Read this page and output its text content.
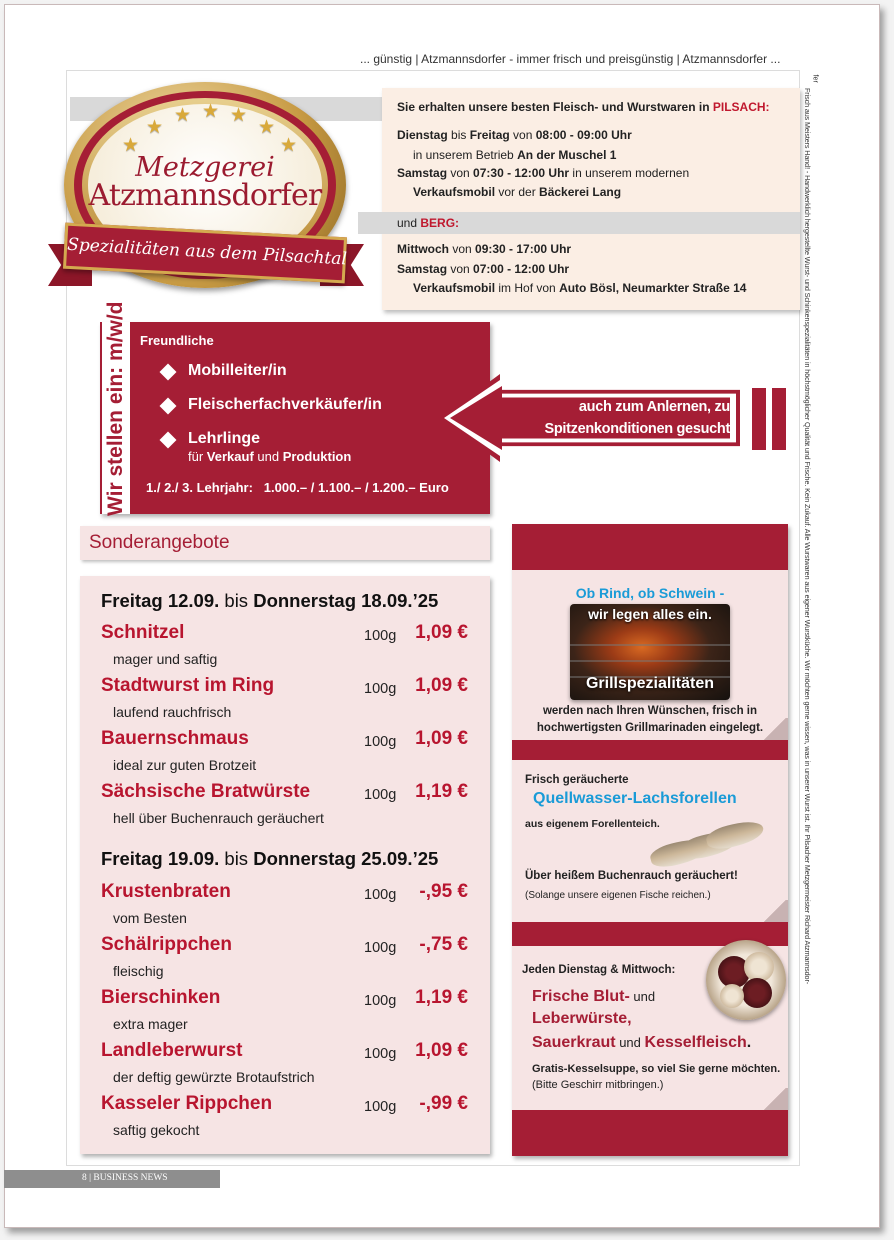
... günstig | Atzmannsdorfer - immer frisch und preisgünstig | Atzmannsdorfer ...
Frisch aus Meisters Hand! - Handwerklich hergestellte Wurst- und Schinkenspezialitäten in höchstmöglicher Qualität und Frische. Kein Zukauf. Alle Wurstwaren aus eigener Wurstküche. Wir möchten gerne wissen, was in unserer Wurst ist. Ihr Pilsacher Metzgermeister Richard Atzmannsdor-
fer
Sie erhalten unsere besten Fleisch- und Wurstwaren in PILSACH:
Dienstag bis Freitag von 08:00 - 09:00 Uhr
in unserem Betrieb An der Muschel 1
Samstag von 07:30 - 12:00 Uhr in unserem modernen
Verkaufsmobil vor der Bäckerei Lang
Mittwoch von 09:30 - 17:00 Uhr
Samstag von 07:00 - 12:00 Uhr
Verkaufsmobil im Hof von Auto Bösl, Neumarkter Straße 14
und BERG:
★
★
★ ★ ★
★
★
Metzgerei
Atzmannsdorfer
Spezialitäten aus dem Pilsachtal
Wir stellen ein: m/w/d Freundliche
Mobilleiter/in
Fleischerfachverkäufer/in
Lehrlinge
für Verkauf und Produktion
1./ 2./ 3. Lehrjahr:   1.000.– / 1.100.– / 1.200.– Euro
auch zum Anlernen, zu
Spitzenkonditionen gesucht
Sonderangebote
Freitag 12.09. bis Donnerstag 18.09.’25
Schnitzel
mager und saftig
100g 1,09 €
Stadtwurst im Ring
laufend rauchfrisch
100g 1,09 €
Bauernschmaus
ideal zur guten Brotzeit
100g 1,09 €
Sächsische Bratwürste
hell über Buchenrauch geräuchert
100g 1,19 €
Freitag 19.09. bis Donnerstag 25.09.’25
Krustenbraten
vom Besten
100g -,95 €
Schälrippchen
fleischig
100g -,75 €
Bierschinken
extra mager
100g 1,19 €
Landleberwurst
der deftig gewürzte Brotaufstrich
100g 1,09 €
Kasseler Rippchen
saftig gekocht
100g -,99 €
Ob Rind, ob Schwein -
wir legen alles ein.
Grillspezialitäten
werden nach Ihren Wünschen, frisch in
hochwertigsten Grillmarinaden eingelegt.
Frisch geräucherte
Quellwasser-Lachsforellen
aus eigenem Forellenteich.
Über heißem Buchenrauch geräuchert!
(Solange unsere eigenen Fische reichen.)
Jeden Dienstag & Mittwoch:
Frische Blut- und
Leberwürste,
Sauerkraut und Kesselfleisch.
Gratis-Kesselsuppe, so viel Sie gerne möchten.
(Bitte Geschirr mitbringen.)
8 | BUSINESS NEWS
